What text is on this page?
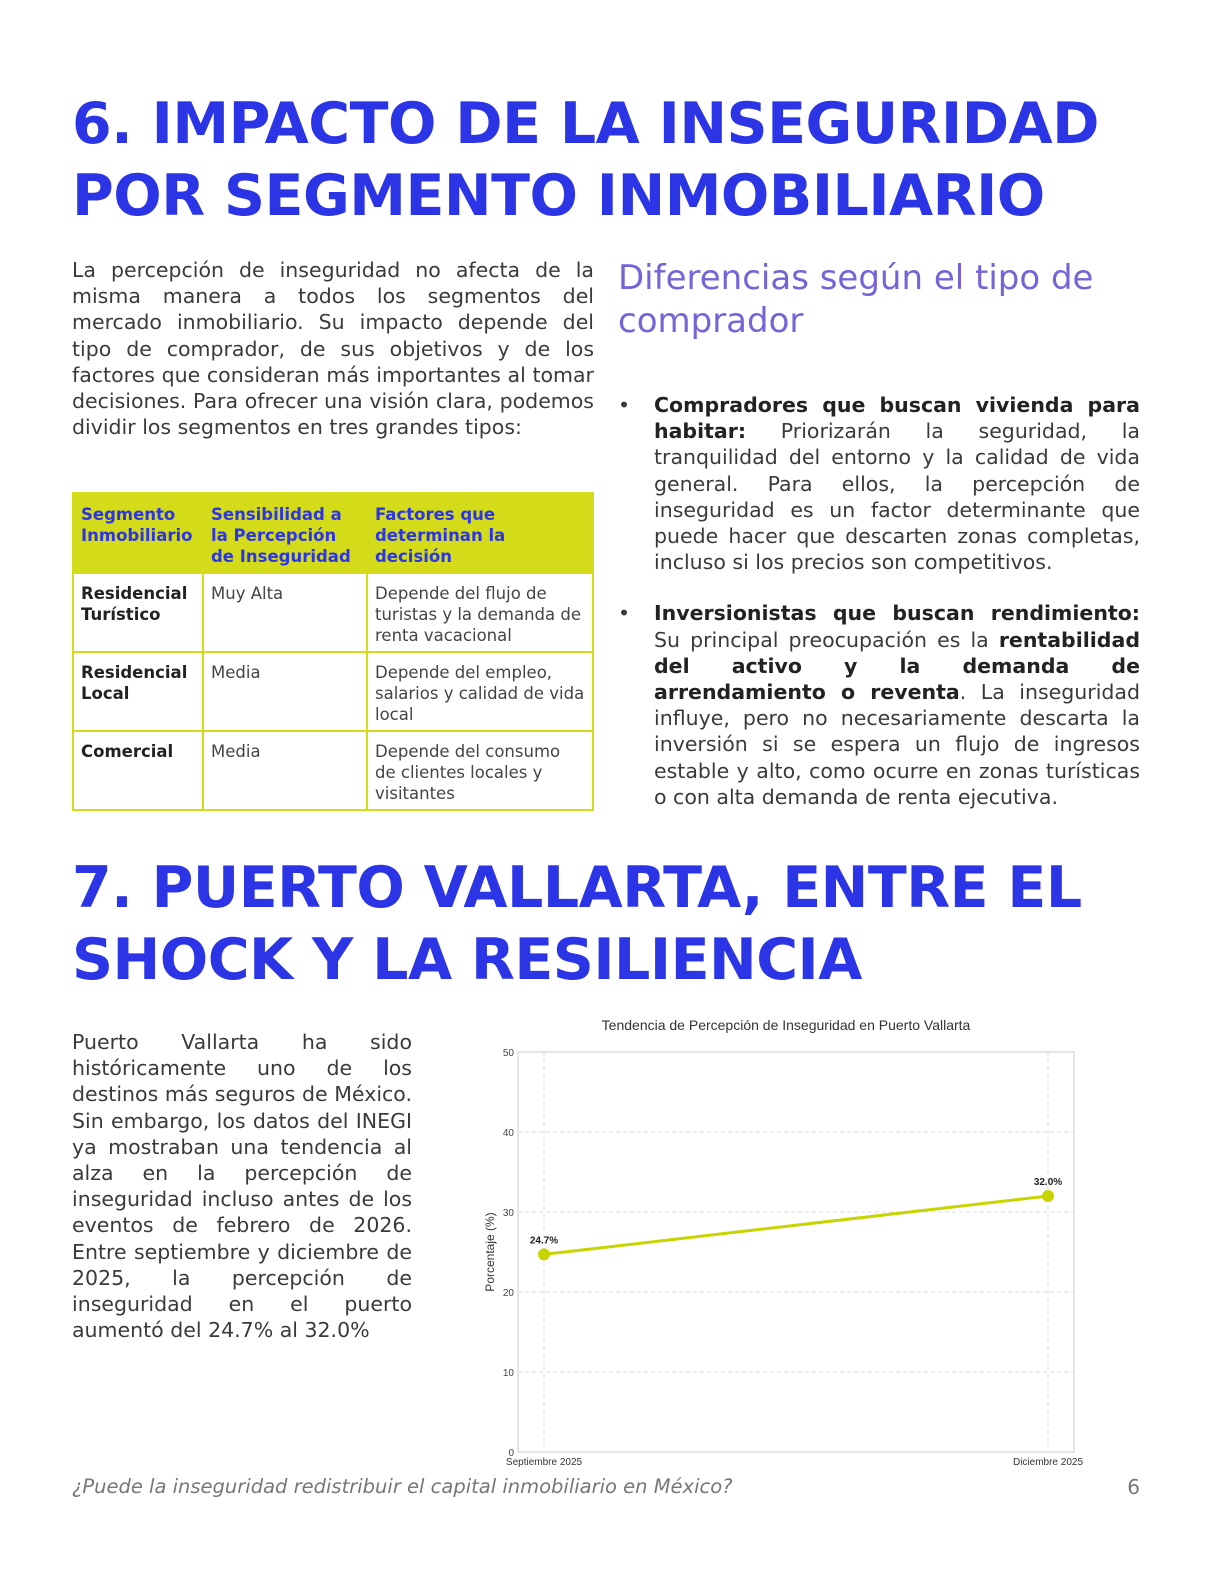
6. IMPACTO DE LA INSEGURIDAD POR SEGMENTO INMOBILIARIO

La percepción de inseguridad no afecta de la misma manera a todos los segmentos del mercado inmobiliario. Su impacto depende del tipo de comprador, de sus objetivos y de los factores que consideran más importantes al tomar decisiones. Para ofrecer una visión clara, podemos dividir los segmentos en tres grandes tipos:

Segmento Inmobiliario	Sensibilidad a la Percepción de Inseguridad	Factores que determinan la decisión
Residencial Turístico	Muy Alta	Depende del flujo de turistas y la demanda de renta vacacional
Residencial Local	Media	Depende del empleo, salarios y calidad de vida local
Comercial	Media	Depende del consumo de clientes locales y visitantes
Diferencias según el tipo de comprador
• Compradores que buscan vivienda para habitar: Priorizarán la seguridad, la tranquilidad del entorno y la calidad de vida general. Para ellos, la percepción de inseguridad es un factor determinante que puede hacer que descarten zonas completas, incluso si los precios son competitivos.
• Inversionistas que buscan rendimiento: Su principal preocupación es la rentabilidad del activo y la demanda de arrendamiento o reventa. La inseguridad influye, pero no necesariamente descarta la inversión si se espera un flujo de ingresos estable y alto, como ocurre en zonas turísticas o con alta demanda de renta ejecutiva.
7. PUERTO VALLARTA, ENTRE EL SHOCK Y LA RESILIENCIA

Puerto Vallarta ha sido históricamente uno de los destinos más seguros de México. Sin embargo, los datos del INEGI ya mostraban una tendencia al alza en la percepción de inseguridad incluso antes de los eventos de febrero de 2026. Entre septiembre y diciembre de 2025, la percepción de inseguridad en el puerto aumentó del 24.7% al 32.0%

Tendencia de Percepción de Inseguridad en Puerto Vallarta
0
10
20
30
40
50
Septiembre 2025	Diciembre 2025
Porcentaje (%)	24.7%
32.0%
¿Puede la inseguridad redistribuir el capital inmobiliario en México?	6
